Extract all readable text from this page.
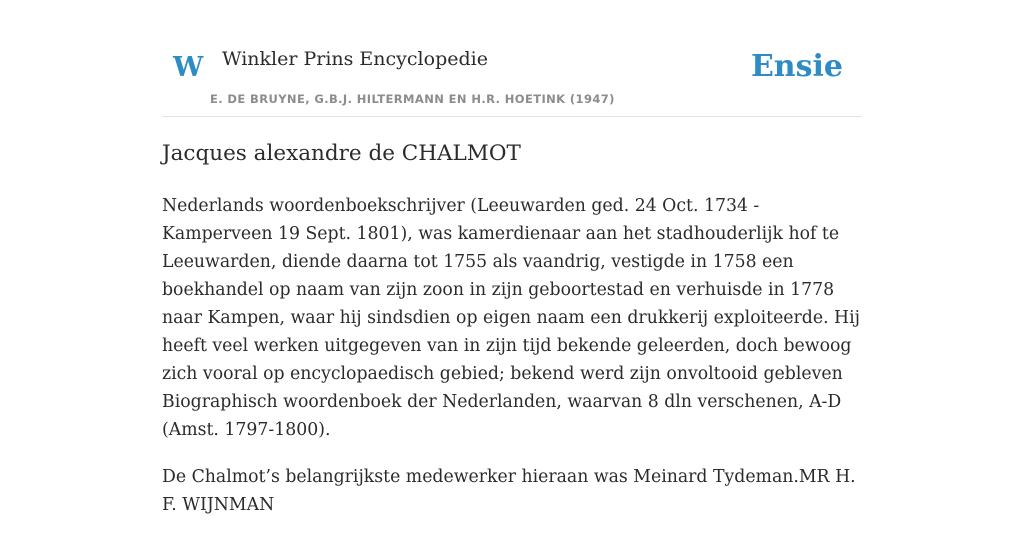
W Winkler Prins Encyclopedie
E. DE BRUYNE, G.B.J. HILTERMANN EN H.R. HOETINK (1947)
Ensie
Jacques alexandre de CHALMOT

Nederlands woordenboekschrijver (Leeuwarden ged. 24 Oct. 1734 - Kamperveen 19 Sept. 1801), was kamerdienaar aan het stadhouderlijk hof te Leeuwarden, diende daarna tot 1755 als vaandrig, vestigde in 1758 een boekhandel op naam van zijn zoon in zijn geboortestad en verhuisde in 1778 naar Kampen, waar hij sindsdien op eigen naam een drukkerij exploiteerde. Hij heeft veel werken uitgegeven van in zijn tijd bekende geleerden, doch bewoog zich vooral op encyclopaedisch gebied; bekend werd zijn onvoltooid gebleven Biographisch woordenboek der Nederlanden, waarvan 8 dln verschenen, A-D (Amst. 1797-1800).

De Chalmot’s belangrijkste medewerker hieraan was Meinard Tydeman.MR H. F. WIJNMAN
